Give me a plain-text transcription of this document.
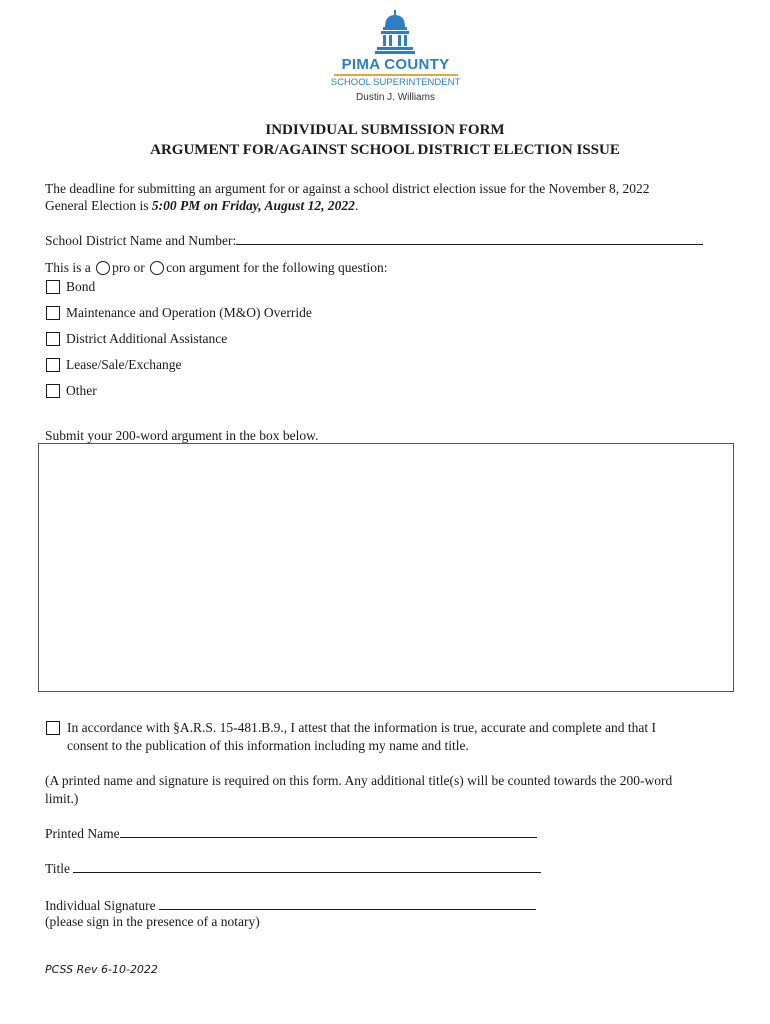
PIMA COUNTY
SCHOOL SUPERINTENDENT
Dustin J. Williams
INDIVIDUAL SUBMISSION FORM
ARGUMENT FOR/AGAINST SCHOOL DISTRICT ELECTION ISSUE
The deadline for submitting an argument for or against a school district election issue for the November 8, 2022
General Election is 5:00 PM on Friday, August 12, 2022.
School District Name and Number:
This is a pro or con argument for the following question:
Bond
Maintenance and Operation (M&O) Override
District Additional Assistance
Lease/Sale/Exchange
Other
Submit your 200-word argument in the box below.
In accordance with §A.R.S. 15-481.B.9., I attest that the information is true, accurate and complete and that I
consent to the publication of this information including my name and title.
(A printed name and signature is required on this form. Any additional title(s) will be counted towards the 200-word
limit.)
Printed Name
Title
Individual Signature
(please sign in the presence of a notary)
PCSS Rev 6-10-2022
